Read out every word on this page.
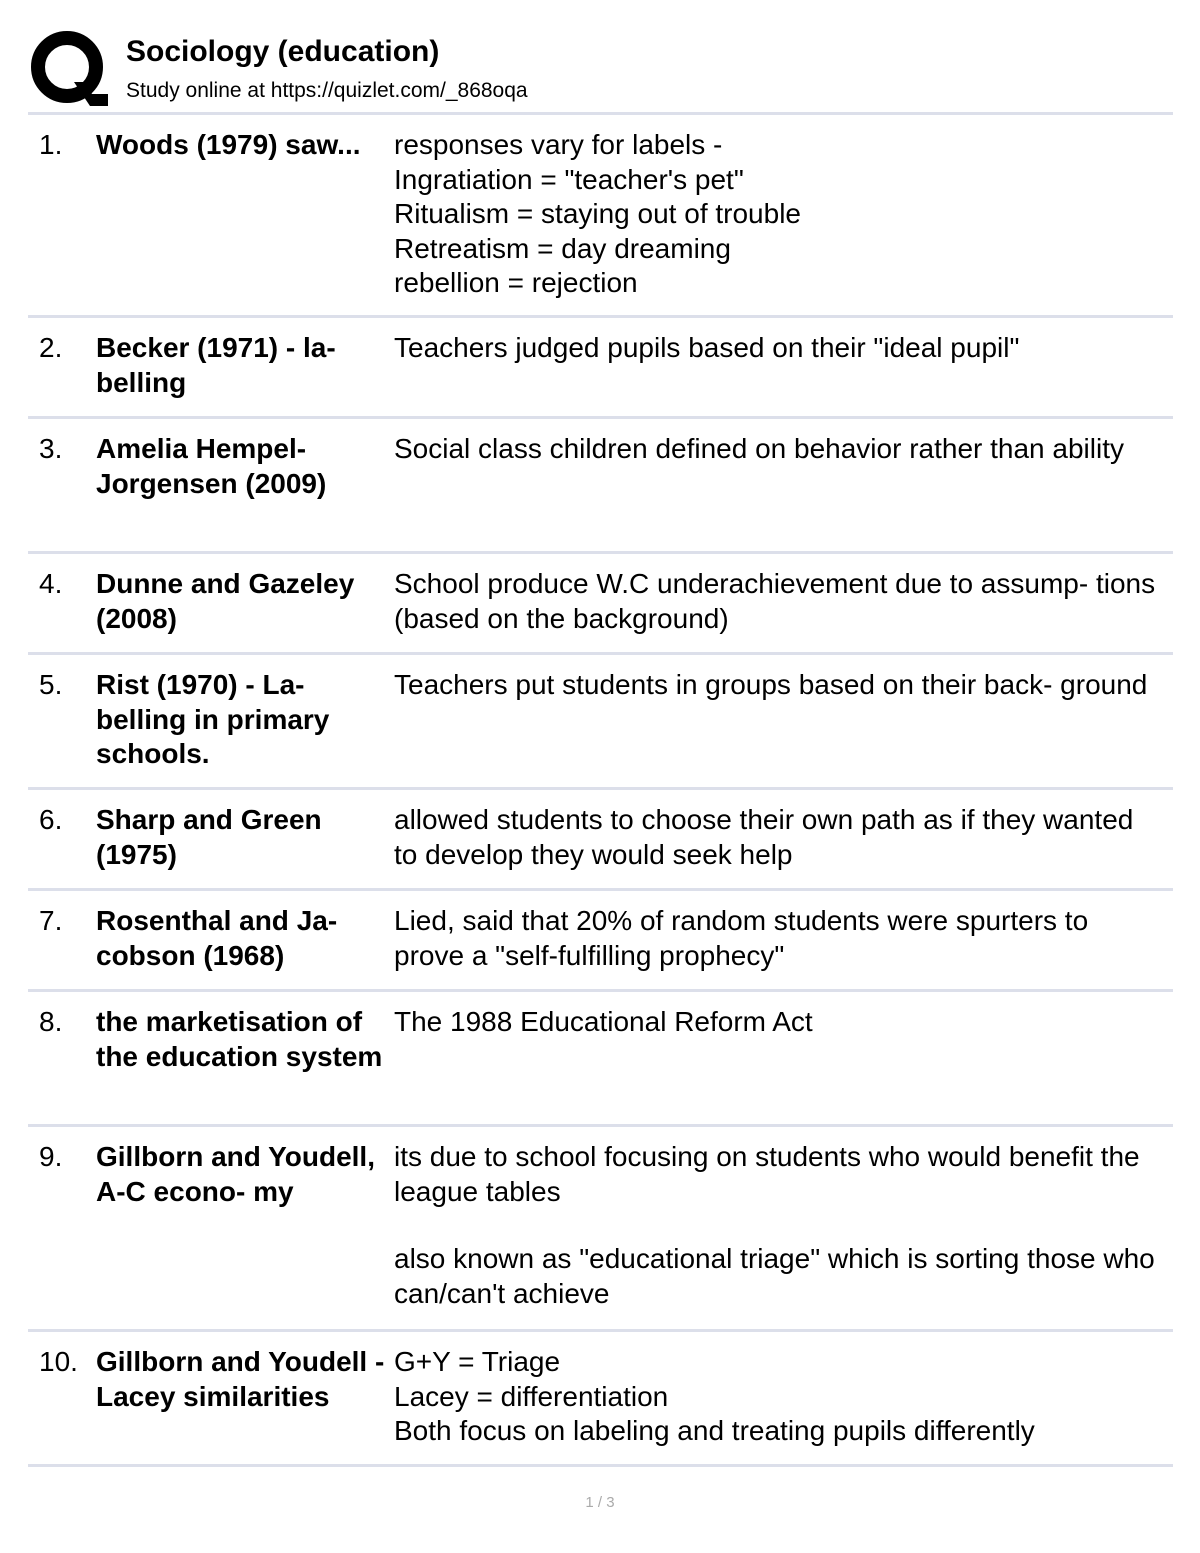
Sociology (education)
Study online at https://quizlet.com/_868oqa
1. Woods (1979) saw...	responses vary for labels -
Ingratiation = "teacher's pet"
Ritualism = staying out of trouble
Retreatism = day dreaming
rebellion = rejection
2. Becker (1971) - la- belling
Teachers judged pupils based on their "ideal pupil"
3. Amelia Hempel-Jorgensen (2009)
Social class children defined on behavior rather than ability
4. Dunne and Gazeley (2008)
School produce W.C underachievement due to assump- tions (based on the background)
5. Rist (1970) - La- belling in primary schools.
Teachers put students in groups based on their back- ground
6. Sharp and Green (1975)
allowed students to choose their own path as if they wanted to develop they would seek help
7. Rosenthal and Ja- cobson (1968)
Lied, said that 20% of random students were spurters to prove a "self-fulfilling prophecy"
8. the marketisation of the education system
The 1988 Educational Reform Act
9. Gillborn and Youdell, A-C econo- my
its due to school focusing on students who would benefit the league tables
also known as "educational triage" which is sorting those who can/can't achieve
10. Gillborn and Youdell - Lacey similarities
G+Y = Triage
Lacey = differentiation
Both focus on labeling and treating pupils differently
1 / 3
